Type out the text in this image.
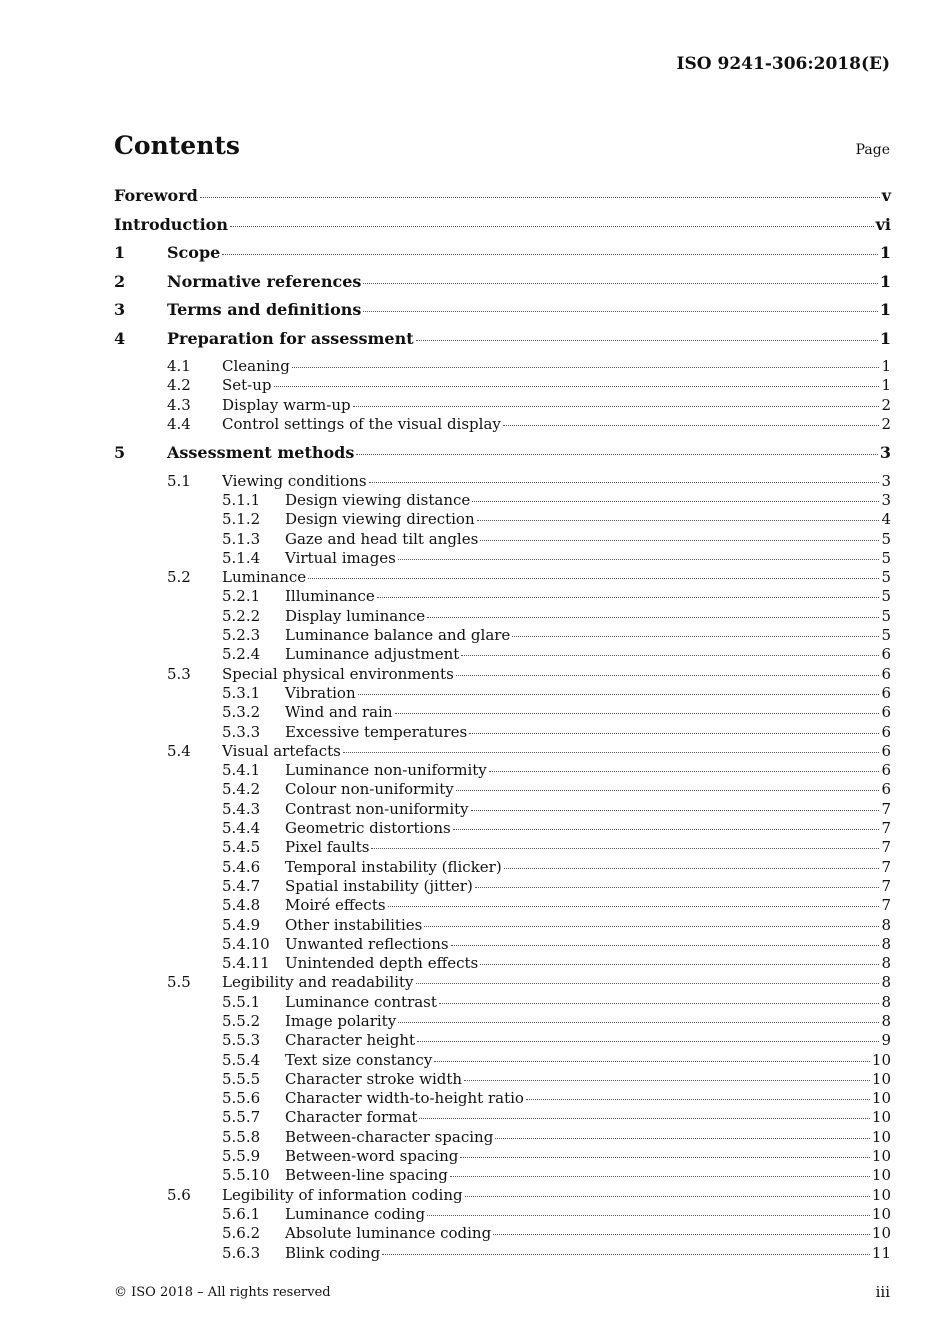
ISO 9241-306:2018(E)
Contents	Page
Foreword	v
Introduction	vi
1	Scope	1
2	Normative references	1
3	Terms and definitions	1
4	Preparation for assessment	1
4.1	Cleaning	1
4.2	Set-up	1
4.3	Display warm-up	2
4.4	Control settings of the visual display	2
5	Assessment methods	3
5.1	Viewing conditions	3
5.1.1	Design viewing distance	3
5.1.2	Design viewing direction	4
5.1.3	Gaze and head tilt angles	5
5.1.4	Virtual images	5
5.2	Luminance	5
5.2.1	Illuminance	5
5.2.2	Display luminance	5
5.2.3	Luminance balance and glare	5
5.2.4	Luminance adjustment	6
5.3	Special physical environments	6
5.3.1	Vibration	6
5.3.2	Wind and rain	6
5.3.3	Excessive temperatures	6
5.4	Visual artefacts	6
5.4.1	Luminance non-uniformity	6
5.4.2	Colour non-uniformity	6
5.4.3	Contrast non-uniformity	7
5.4.4	Geometric distortions	7
5.4.5	Pixel faults	7
5.4.6	Temporal instability (flicker)	7
5.4.7	Spatial instability (jitter)	7
5.4.8	Moiré effects	7
5.4.9	Other instabilities	8
5.4.10	Unwanted reflections	8
5.4.11	Unintended depth effects	8
5.5	Legibility and readability	8
5.5.1	Luminance contrast	8
5.5.2	Image polarity	8
5.5.3	Character height	9
5.5.4	Text size constancy	10
5.5.5	Character stroke width	10
5.5.6	Character width-to-height ratio	10
5.5.7	Character format	10
5.5.8	Between-character spacing	10
5.5.9	Between-word spacing	10
5.5.10	Between-line spacing	10
5.6	Legibility of information coding	10
5.6.1	Luminance coding	10
5.6.2	Absolute luminance coding	10
5.6.3	Blink coding	11
© ISO 2018 – All rights reserved	iii
